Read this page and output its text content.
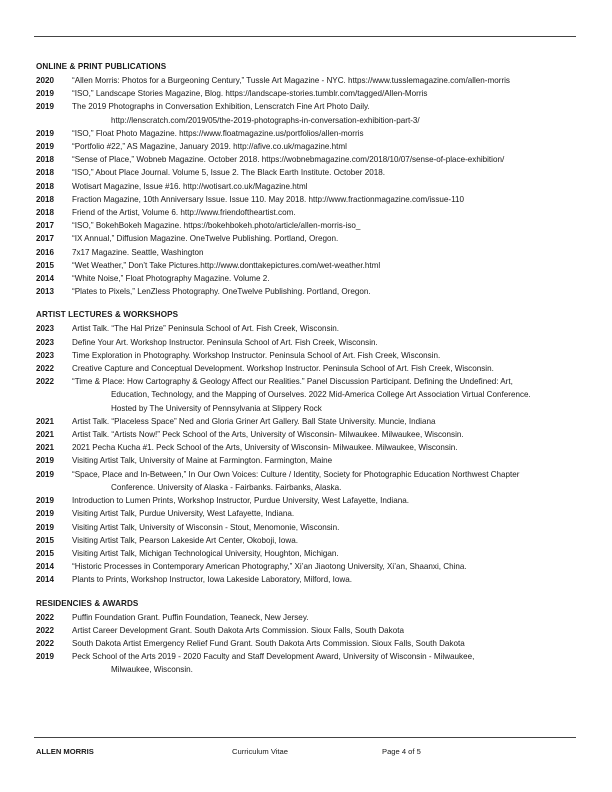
ONLINE & PRINT PUBLICATIONS
2020	“Allen Morris: Photos for a Burgeoning Century,” Tussle Art Magazine - NYC. https://www.tusslemagazine.com/allen-morris
2019	“ISO,” Landscape Stories Magazine, Blog. https://landscape-stories.tumblr.com/tagged/Allen-Morris
2019	The 2019 Photographs in Conversation Exhibition, Lenscratch Fine Art Photo Daily.
http://lenscratch.com/2019/05/the-2019-photographs-in-conversation-exhibition-part-3/
2019	“ISO,” Float Photo Magazine. https://www.floatmagazine.us/portfolios/allen-morris
2019	“Portfolio #22,” AS Magazine, January 2019. http://afive.co.uk/magazine.html
2018	“Sense of Place,” Wobneb Magazine. October 2018. https://wobnebmagazine.com/2018/10/07/sense-of-place-exhibition/
2018	“ISO,” About Place Journal. Volume 5, Issue 2. The Black Earth Institute. October 2018.
2018	Wotisart Magazine, Issue #16. http://wotisart.co.uk/Magazine.html
2018	Fraction Magazine, 10th Anniversary Issue. Issue 110. May 2018. http://www.fractionmagazine.com/issue-110
2018	Friend of the Artist, Volume 6. http://www.friendoftheartist.com.
2017	“ISO,” BokehBokeh Magazine. https://bokehbokeh.photo/article/allen-morris-iso_
2017	“IX Annual,” Diffusion Magazine. OneTwelve Publishing. Portland, Oregon.
2016	7x17 Magazine. Seattle, Washington
2015	“Wet Weather,” Don’t Take Pictures.http://www.donttakepictures.com/wet-weather.html
2014	“White Noise,” Float Photography Magazine. Volume 2.
2013	“Plates to Pixels,” LenZless Photography. OneTwelve Publishing. Portland, Oregon.
ARTIST LECTURES & WORKSHOPS
2023	Artist Talk. “The Hal Prize” Peninsula School of Art. Fish Creek, Wisconsin.
2023	Define Your Art. Workshop Instructor. Peninsula School of Art. Fish Creek, Wisconsin.
2023	Time Exploration in Photography. Workshop Instructor. Peninsula School of Art. Fish Creek, Wisconsin.
2022	Creative Capture and Conceptual Development. Workshop Instructor. Peninsula School of Art. Fish Creek, Wisconsin.
2022	“Time & Place: How Cartography & Geology Affect our Realities.” Panel Discussion Participant. Defining the Undefined: Art,
Education, Technology, and the Mapping of Ourselves. 2022 Mid-America College Art Association Virtual Conference.
Hosted by The University of Pennsylvania at Slippery Rock
2021	Artist Talk. “Placeless Space” Ned and Gloria Griner Art Gallery. Ball State University. Muncie, Indiana
2021	Artist Talk. “Artists Now!” Peck School of the Arts, University of Wisconsin- Milwaukee. Milwaukee, Wisconsin.
2021	2021 Pecha Kucha #1. Peck School of the Arts, University of Wisconsin- Milwaukee. Milwaukee, Wisconsin.
2019	Visiting Artist Talk, University of Maine at Farmington. Farmington, Maine
2019	“Space, Place and In-Between,” In Our Own Voices: Culture / Identity, Society for Photographic Education Northwest Chapter
Conference. University of Alaska - Fairbanks. Fairbanks, Alaska.
2019	Introduction to Lumen Prints, Workshop Instructor, Purdue University, West Lafayette, Indiana.
2019	Visiting Artist Talk, Purdue University, West Lafayette, Indiana.
2019	Visiting Artist Talk, University of Wisconsin - Stout, Menomonie, Wisconsin.
2015	Visiting Artist Talk, Pearson Lakeside Art Center, Okoboji, Iowa.
2015	Visiting Artist Talk, Michigan Technological University, Houghton, Michigan.
2014	“Historic Processes in Contemporary American Photography,” Xi’an Jiaotong University, Xi’an, Shaanxi, China.
2014	Plants to Prints, Workshop Instructor, Iowa Lakeside Laboratory, Milford, Iowa.
RESIDENCIES & AWARDS
2022	Puffin Foundation Grant. Puffin Foundation, Teaneck, New Jersey.
2022	Artist Career Development Grant. South Dakota Arts Commission. Sioux Falls, South Dakota
2022	South Dakota Artist Emergency Relief Fund Grant. South Dakota Arts Commission. Sioux Falls, South Dakota
2019	Peck School of the Arts 2019 - 2020 Faculty and Staff Development Award, University of Wisconsin - Milwaukee,
Milwaukee, Wisconsin.
ALLEN MORRIS	Curriculum Vitae	Page 4 of 5
